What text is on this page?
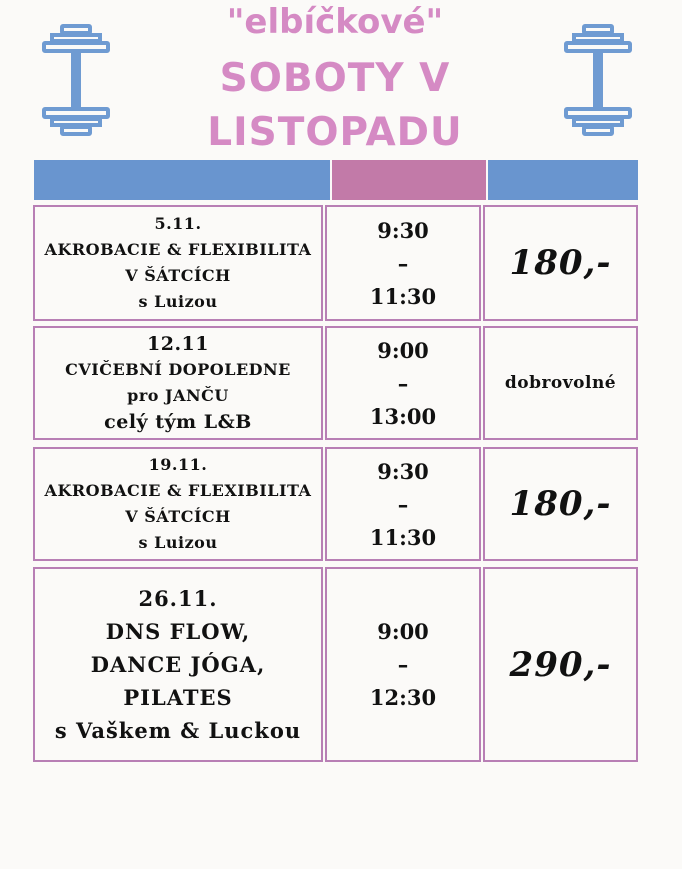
"elbíčkové"
SOBOTY V
LISTOPADU
5.11.
AKROBACIE & FLEXIBILITA
V ŠÁTCÍCH
s Luizou
9:30
–
11:30
180,-
12.11
CVIČEBNÍ DOPOLEDNE
pro JANČU
celý tým L&B
9:00
–
13:00
dobrovolné
19.11.
AKROBACIE & FLEXIBILITA
V ŠÁTCÍCH
s Luizou
9:30
–
11:30
180,-
26.11.
DNS FLOW,
DANCE JÓGA,
PILATES
s Vaškem & Luckou
9:00
–
12:30
290,-
